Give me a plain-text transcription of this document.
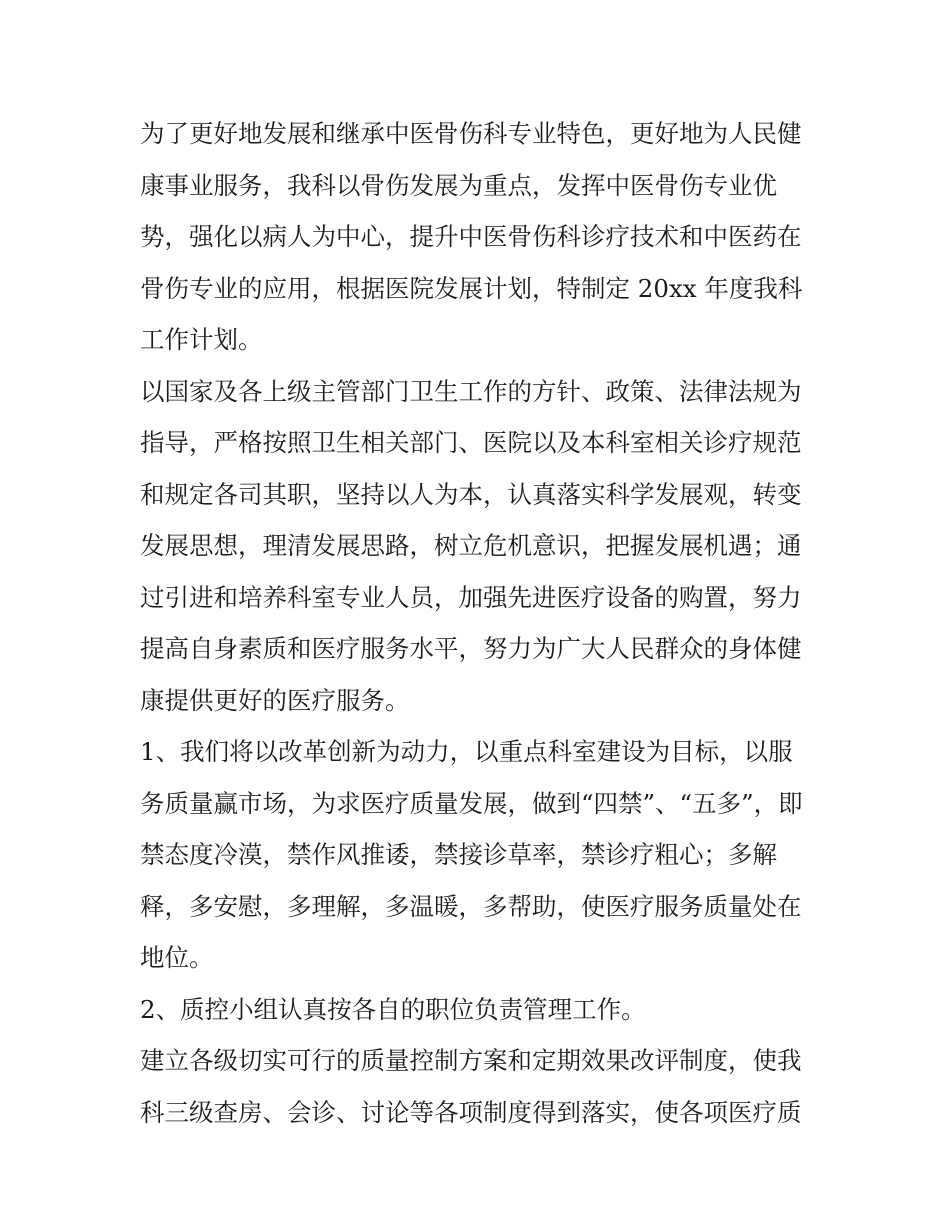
为了更好地发展和继承中医骨伤科专业特色，更好地为人民健
康事业服务，我科以骨伤发展为重点，发挥中医骨伤专业优
势，强化以病人为中心，提升中医骨伤科诊疗技术和中医药在
骨伤专业的应用，根据医院发展计划，特制定 20xx 年度我科
工作计划。
以国家及各上级主管部门卫生工作的方针、政策、法律法规为
指导，严格按照卫生相关部门、医院以及本科室相关诊疗规范
和规定各司其职，坚持以人为本，认真落实科学发展观，转变
发展思想，理清发展思路，树立危机意识，把握发展机遇；通
过引进和培养科室专业人员，加强先进医疗设备的购置，努力
提高自身素质和医疗服务水平，努力为广大人民群众的身体健
康提供更好的医疗服务。
1、我们将以改革创新为动力，以重点科室建设为目标，以服
务质量赢市场，为求医疗质量发展，做到“四禁”、“五多”，即
禁态度冷漠，禁作风推诿，禁接诊草率，禁诊疗粗心；多解
释，多安慰，多理解，多温暖，多帮助，使医疗服务质量处在
地位。
2、质控小组认真按各自的职位负责管理工作。
建立各级切实可行的质量控制方案和定期效果改评制度，使我
科三级查房、会诊、讨论等各项制度得到落实，使各项医疗质
